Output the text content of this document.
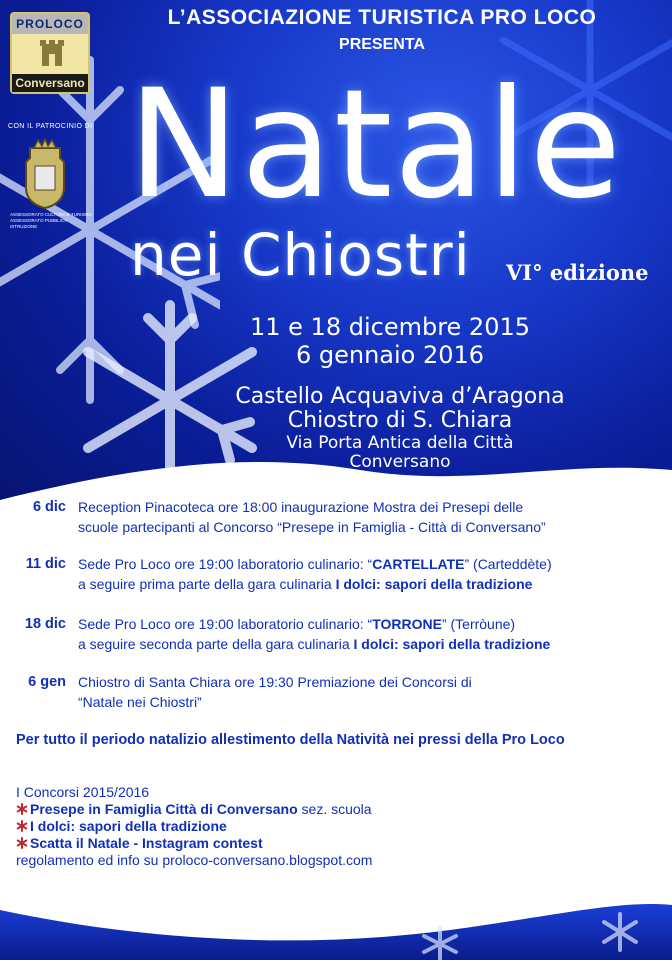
PROLOCO
Conversano
CON IL PATROCINIO DI
ASSESSORATO CULTURA E TURISMO ASSESSORATO PUBBLICA ISTRUZIONE
L’ASSOCIAZIONE TURISTICA PRO LOCO
PRESENTA
Natale
nei Chiostri	VI° edizione
11 e 18 dicembre 2015
6 gennaio 2016
Castello Acquaviva d’Aragona
Chiostro di S. Chiara
Via Porta Antica della Città
Conversano
6 dic Reception Pinacoteca ore 18:00 inaugurazione Mostra dei Presepi delle
scuole partecipanti al Concorso “Presepe in Famiglia - Città di Conversano”
11 dic Sede Pro Loco ore 19:00 laboratorio culinario: “CARTELLATE” (Carteddète)
a seguire prima parte della gara culinaria I dolci: sapori della tradizione
18 dic Sede Pro Loco ore 19:00 laboratorio culinario: “TORRONE” (Terròune)
a seguire seconda parte della gara culinaria I dolci: sapori della tradizione
6 gen Chiostro di Santa Chiara ore 19:30 Premiazione dei Concorsi di
“Natale nei Chiostri”
Per tutto il periodo natalizio allestimento della Natività nei pressi della Pro Loco
I Concorsi 2015/2016
Presepe in Famiglia Città di Conversano sez. scuola
I dolci: sapori della tradizione
Scatta il Natale - Instagram contest
regolamento ed info su proloco-conversano.blogspot.com
